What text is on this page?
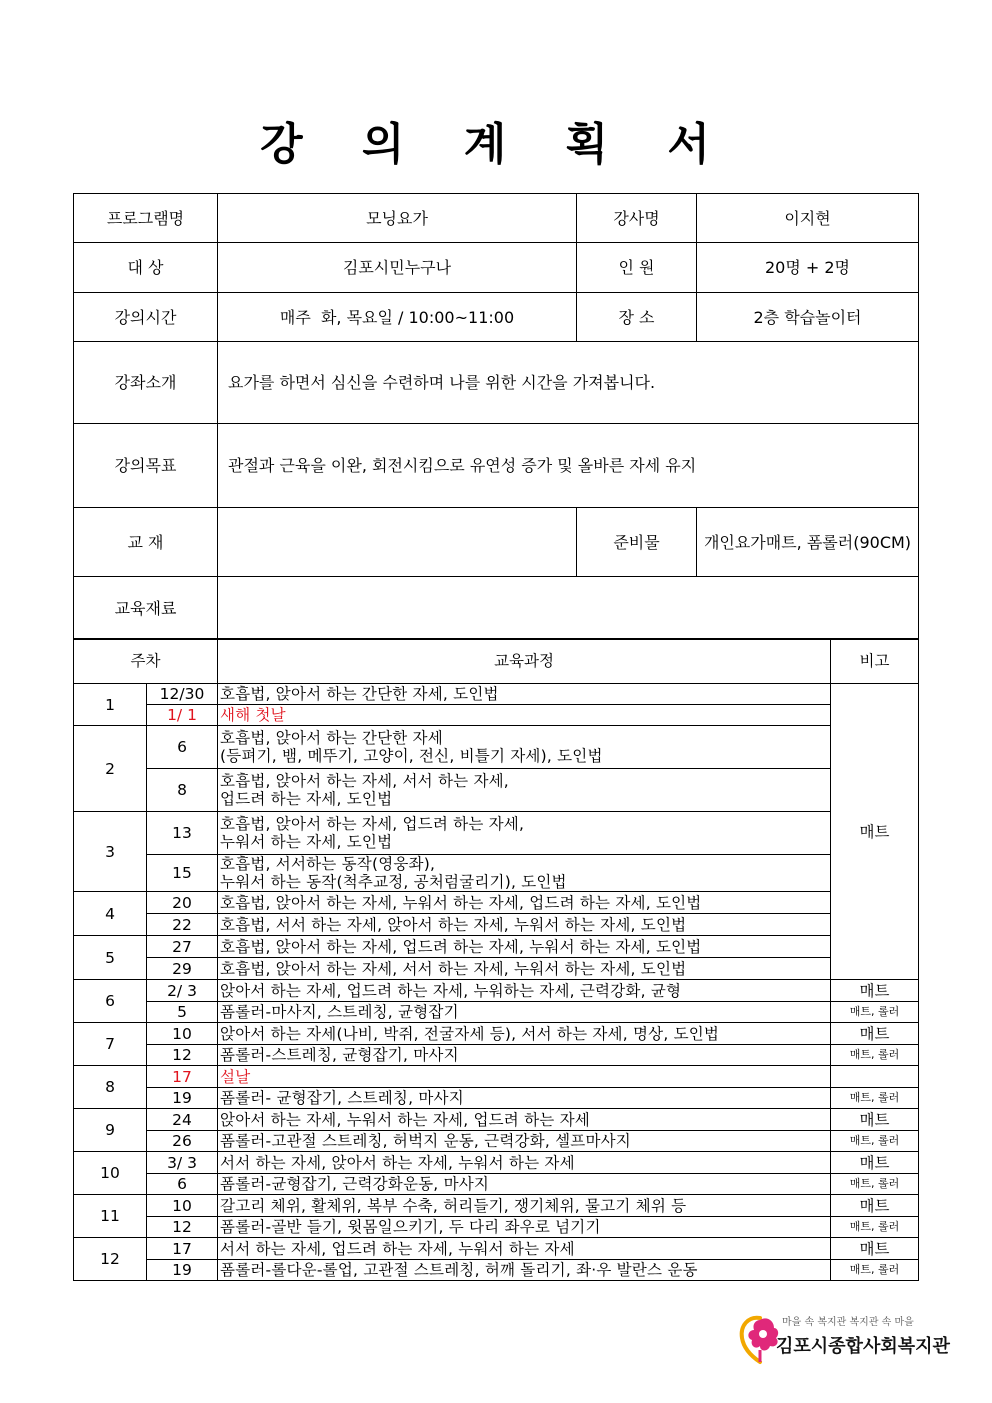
강 의 계 획 서
프로그램명	모닝요가	강사명	이지현
대 상	김포시민누구나	인 원	20명 + 2명
강의시간	매주  화, 목요일 / 10:00~11:00	장 소	2층 학습놀이터
강좌소개	요가를 하면서 심신을 수련하며 나를 위한 시간을 가져봅니다.		
강의목표	관절과 근육을 이완, 회전시킴으로 유연성 증가 및 올바른 자세 유지		
교 재		준비물	개인요가매트, 폼롤러(90CM)
교육재료			
주차		교육과정	비고
1	12/30	호흡법, 앉아서 하는 간단한 자세, 도인법	매트
	1/ 1	새해 첫날	
2	6	호흡법, 앉아서 하는 간단한 자세
(등펴기, 뱀, 메뚜기, 고양이, 전신, 비틀기 자세), 도인법	

	8	호흡법, 앉아서 하는 자세, 서서 하는 자세,
업드려 하는 자세, 도인법	

3	13	호흡법, 앉아서 하는 자세, 업드려 하는 자세,
누워서 하는 자세, 도인법	

	15	호흡법, 서서하는 동작(영웅좌),
누워서 하는 동작(척추교정, 공처럼굴리기), 도인법	

4	20	호흡법, 앉아서 하는 자세, 누워서 하는 자세, 업드려 하는 자세, 도인법	
	22	호흡법, 서서 하는 자세, 앉아서 하는 자세, 누워서 하는 자세, 도인법	
5	27	호흡법, 앉아서 하는 자세, 업드려 하는 자세, 누워서 하는 자세, 도인법	
	29	호흡법, 앉아서 하는 자세, 서서 하는 자세, 누워서 하는 자세, 도인법	
6	2/ 3	앉아서 하는 자세, 업드려 하는 자세, 누워하는 자세, 근력강화, 균형	매트
	5	폼롤러-마사지, 스트레칭, 균형잡기	매트, 롤러
7	10	앉아서 하는 자세(나비, 박쥐, 전굴자세 등), 서서 하는 자세, 명상, 도인법	매트
	12	폼롤러-스트레칭, 균형잡기, 마사지	매트, 롤러
8	17	설날	
	19	폼롤러- 균형잡기, 스트레칭, 마사지	매트, 롤러
9	24	앉아서 하는 자세, 누워서 하는 자세, 업드려 하는 자세	매트
	26	폼롤러-고관절 스트레칭, 허벅지 운동, 근력강화, 셀프마사지	매트, 롤러
10	3/ 3	서서 하는 자세, 앉아서 하는 자세, 누워서 하는 자세	매트
	6	폼롤러-균형잡기, 근력강화운동, 마사지	매트, 롤러
11	10	갈고리 체위, 활체위, 복부 수축, 허리들기, 쟁기체위, 물고기 체위 등	매트
	12	폼롤러-골반 들기, 윗몸일으키기, 두 다리 좌우로 넘기기	매트, 롤러
12	17	서서 하는 자세, 업드려 하는 자세, 누워서 하는 자세	매트
	19	폼롤러-롤다운-롤업, 고관절 스트레칭, 허깨 돌리기, 좌·우 발란스 운동	매트, 롤러
마을 속 복지관 복지관 속 마을
김포시종합사회복지관
